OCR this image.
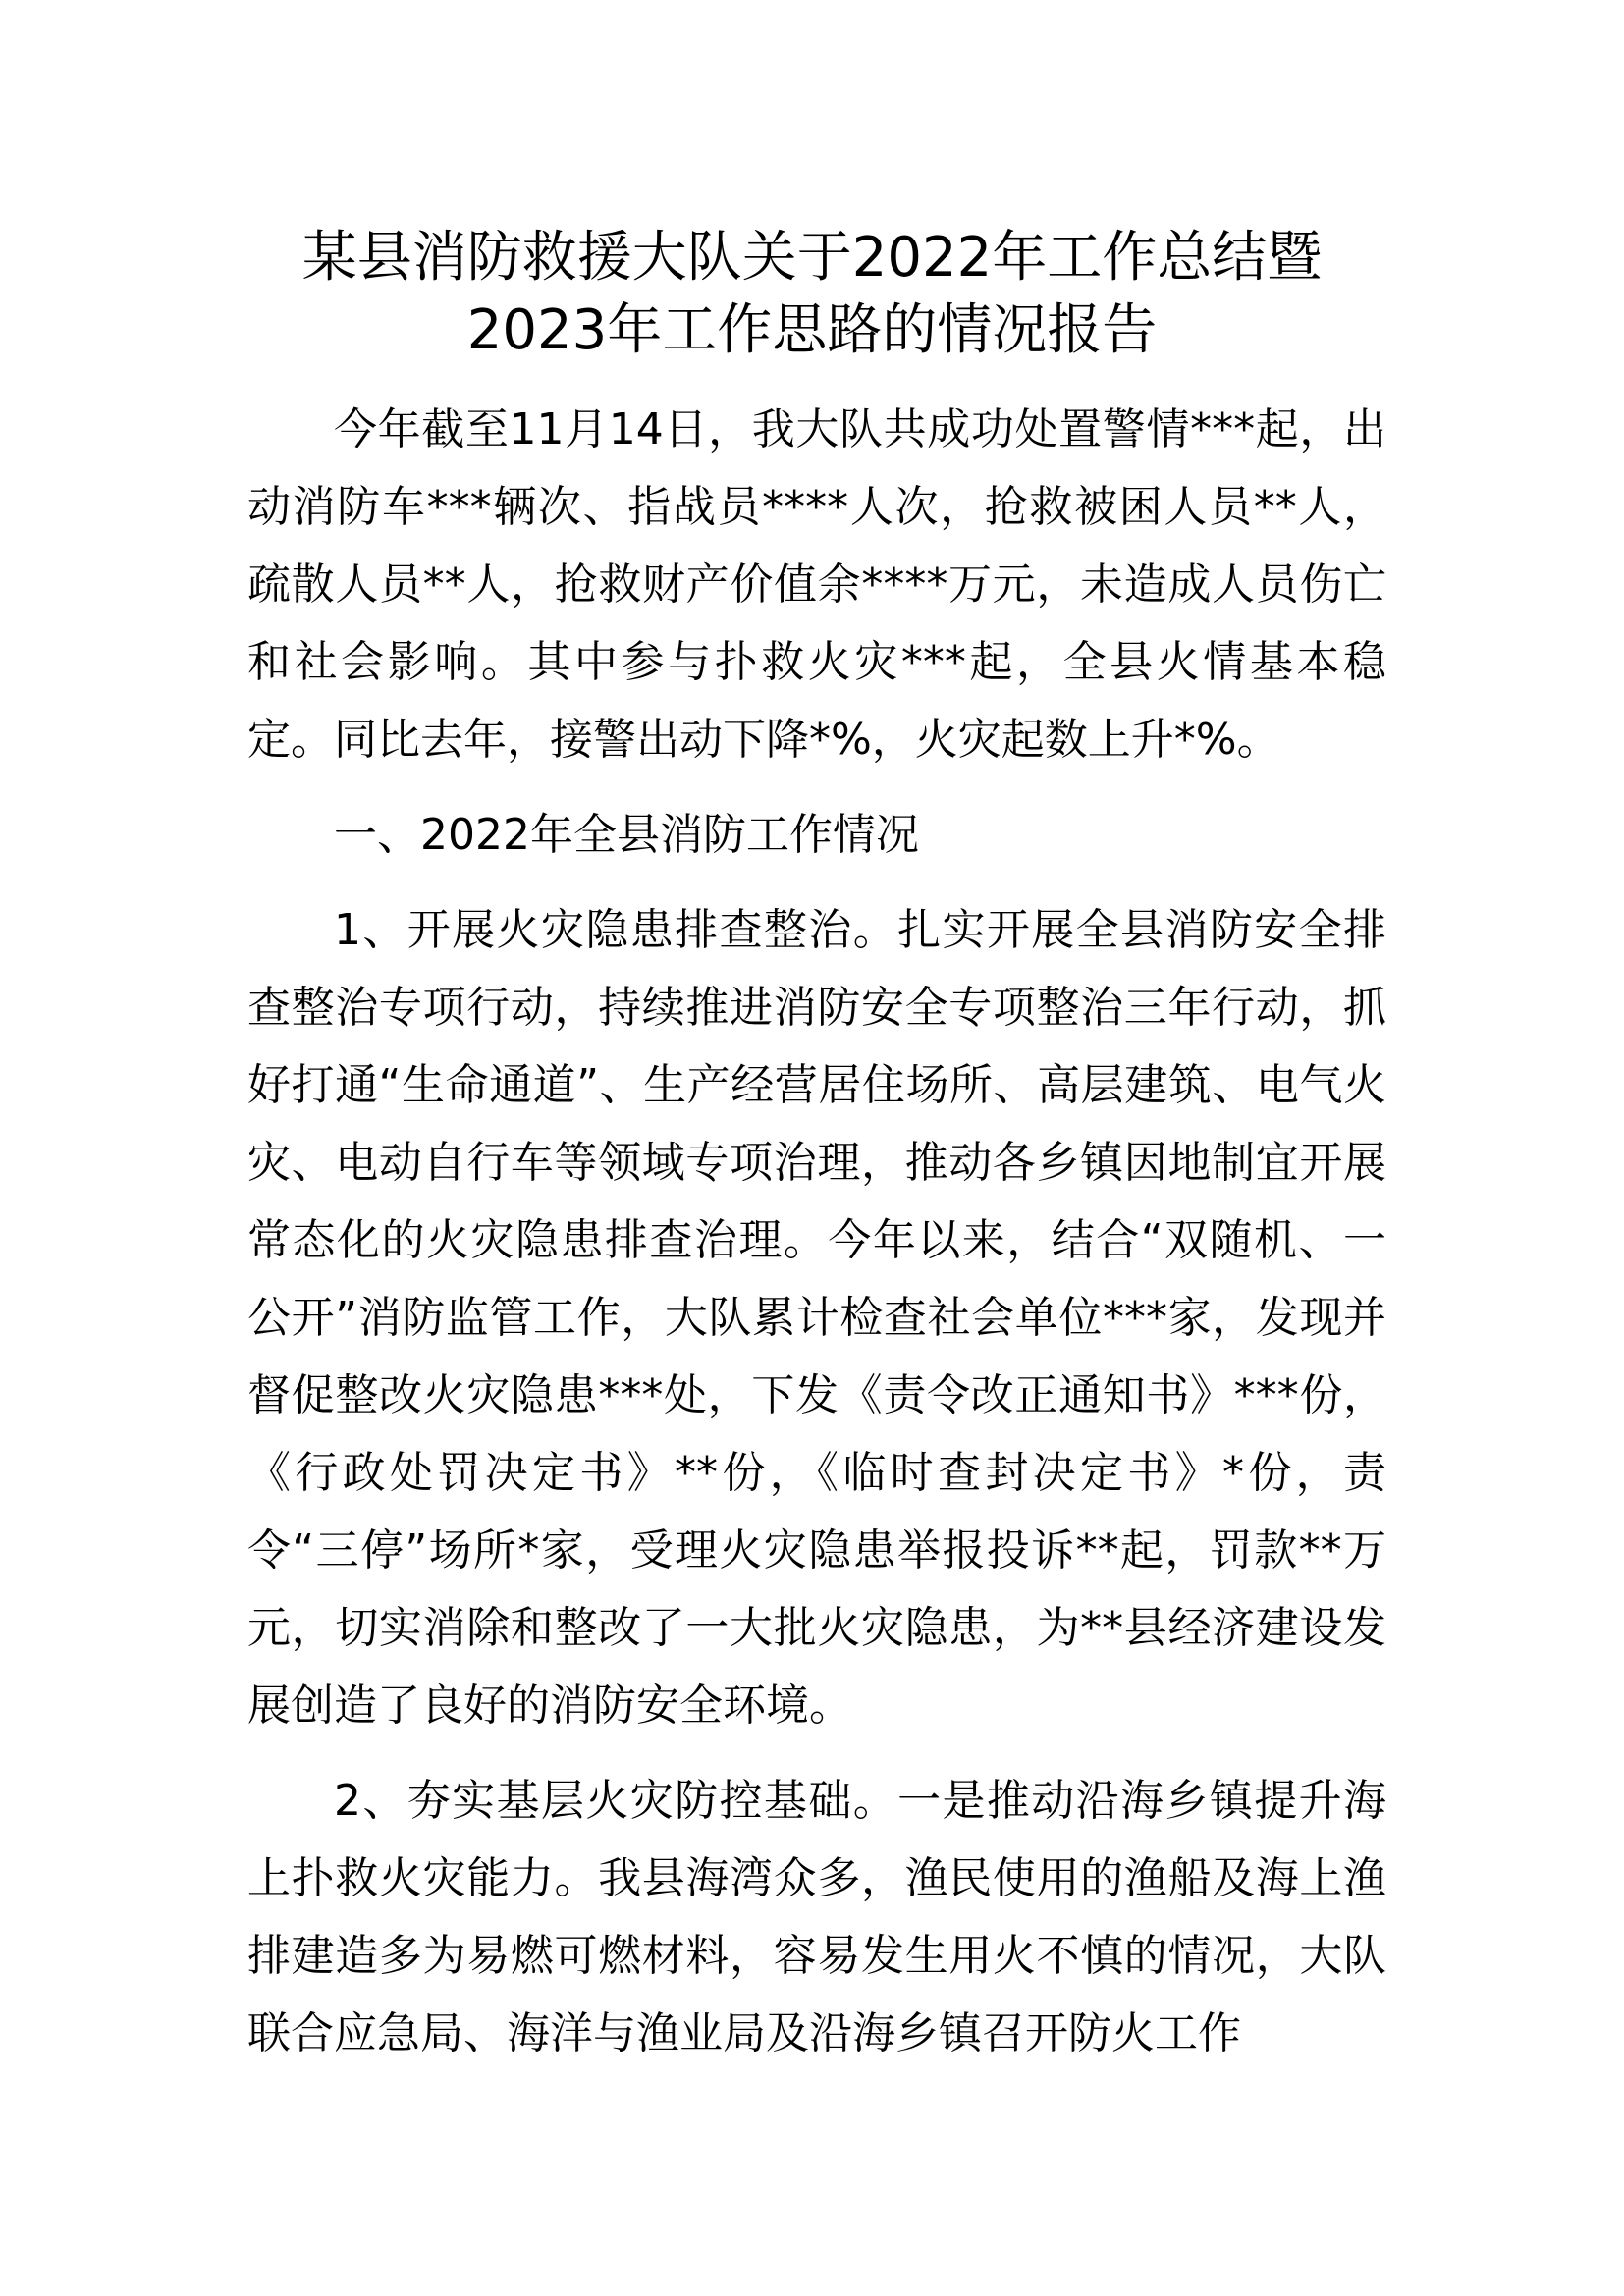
某县消防救援大队关于2022年工作总结暨
2023年工作思路的情况报告

今年截至11月14日，我大队共成功处置警情***起，出动消防车***辆次、指战员****人次，抢救被困人员**人，疏散人员**人，抢救财产价值余****万元，未造成人员伤亡和社会影响。其中参与扑救火灾***起，全县火情基本稳定。同比去年，接警出动下降*%，火灾起数上升*%。

一、2022年全县消防工作情况

1、开展火灾隐患排查整治。扎实开展全县消防安全排查整治专项行动，持续推进消防安全专项整治三年行动，抓好打通“生命通道”、生产经营居住场所、高层建筑、电气火灾、电动自行车等领域专项治理，推动各乡镇因地制宜开展常态化的火灾隐患排查治理。今年以来，结合“双随机、一公开”消防监管工作，大队累计检查社会单位***家，发现并督促整改火灾隐患***处，下发《责令改正通知书》***份，《行政处罚决定书》**份，《临时查封决定书》*份，责令“三停”场所*家，受理火灾隐患举报投诉**起，罚款**万元，切实消除和整改了一大批火灾隐患，为**县经济建设发展创造了良好的消防安全环境。

2、夯实基层火灾防控基础。一是推动沿海乡镇提升海上扑救火灾能力。我县海湾众多，渔民使用的渔船及海上渔排建造多为易燃可燃材料，容易发生用火不慎的情况，大队联合应急局、海洋与渔业局及沿海乡镇召开防火工作
